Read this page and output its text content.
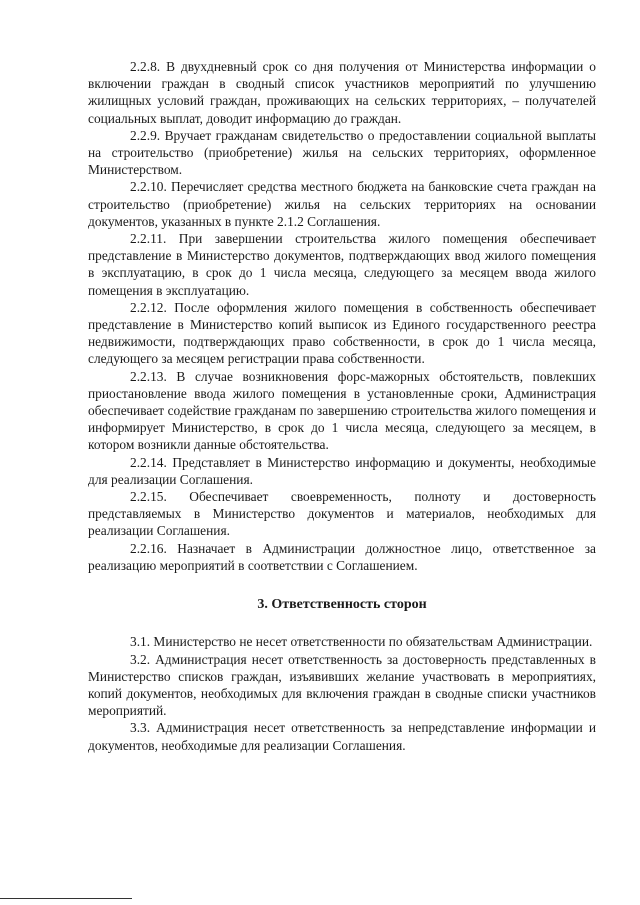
2.2.8. В двухдневный срок со дня получения от Министерства информации о включении граждан в сводный список участников мероприятий по улучшению жилищных условий граждан, проживающих на сельских территориях, – получателей социальных выплат, доводит информацию до граждан.

2.2.9. Вручает гражданам свидетельство о предоставлении социальной выплаты на строительство (приобретение) жилья на сельских территориях, оформленное Министерством.

2.2.10. Перечисляет средства местного бюджета на банковские счета граждан на строительство (приобретение) жилья на сельских территориях на основании документов, указанных в пункте 2.1.2 Соглашения.

2.2.11. При завершении строительства жилого помещения обеспечивает представление в Министерство документов, подтверждающих ввод жилого помещения в эксплуатацию, в срок до 1 числа месяца, следующего за месяцем ввода жилого помещения в эксплуатацию.

2.2.12. После оформления жилого помещения в собственность обеспечивает представление в Министерство копий выписок из Единого государственного реестра недвижимости, подтверждающих право собственности, в срок до 1 числа месяца, следующего за месяцем регистрации права собственности.

2.2.13. В случае возникновения форс-мажорных обстоятельств, повлекших приостановление ввода жилого помещения в установленные сроки, Администрация обеспечивает содействие гражданам по завершению строительства жилого помещения и информирует Министерство, в срок до 1 числа месяца, следующего за месяцем, в котором возникли данные обстоятельства.

2.2.14. Представляет в Министерство информацию и документы, необходимые для реализации Соглашения.

2.2.15. Обеспечивает своевременность, полноту и достоверность представляемых в Министерство документов и материалов, необходимых для реализации Соглашения.

2.2.16. Назначает в Администрации должностное лицо, ответственное за реализацию мероприятий в соответствии с Соглашением.

3. Ответственность сторон

3.1. Министерство не несет ответственности по обязательствам Администрации.

3.2. Администрация несет ответственность за достоверность представленных в Министерство списков граждан, изъявивших желание участвовать в мероприятиях, копий документов, необходимых для включения граждан в сводные списки участников мероприятий.

3.3. Администрация несет ответственность за непредставление информации и документов, необходимые для реализации Соглашения.
